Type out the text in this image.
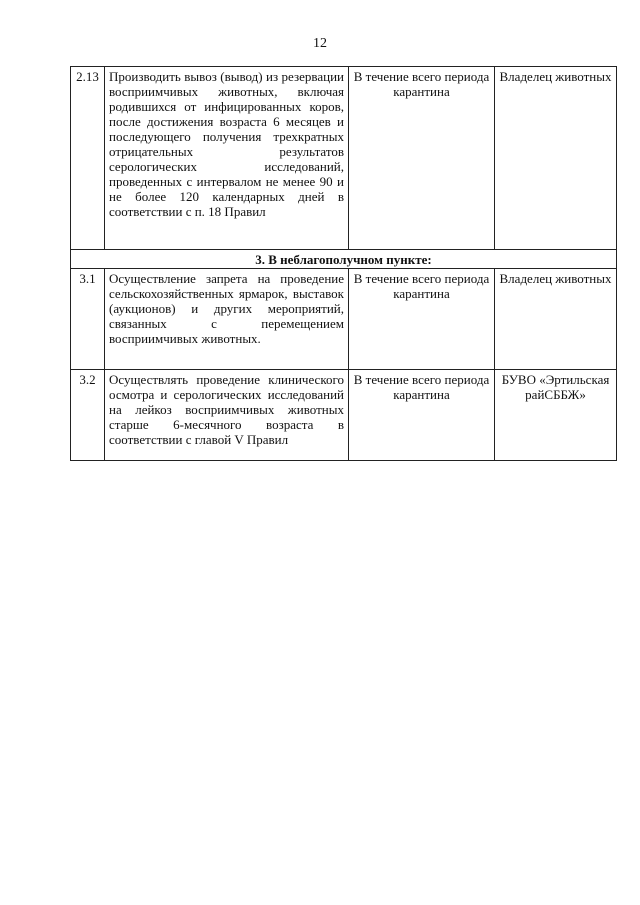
12
2.13	Производить вывоз (вывод) из резервации восприимчивых животных, включая родившихся от инфицированных коров, после достижения возраста 6 месяцев и последующего получения трехкратных отрицательных результатов серологических исследований, проведенных с интервалом не менее 90 и не более 120 календарных дней в соответствии с п. 18 Правил	В течение всего периода карантина	Владелец животных
3. В неблагополучном пункте:			
3.1	Осуществление запрета на проведение сельскохозяйственных ярмарок, выставок (аукционов) и других мероприятий, связанных с перемещением восприимчивых животных.	В течение всего периода карантина	Владелец животных
3.2	Осуществлять проведение клинического осмотра и серологических исследований на лейкоз восприимчивых животных старше 6-месячного возраста в соответствии с главой V Правил	В течение всего периода карантина	БУВО «Эртильская райСББЖ»
